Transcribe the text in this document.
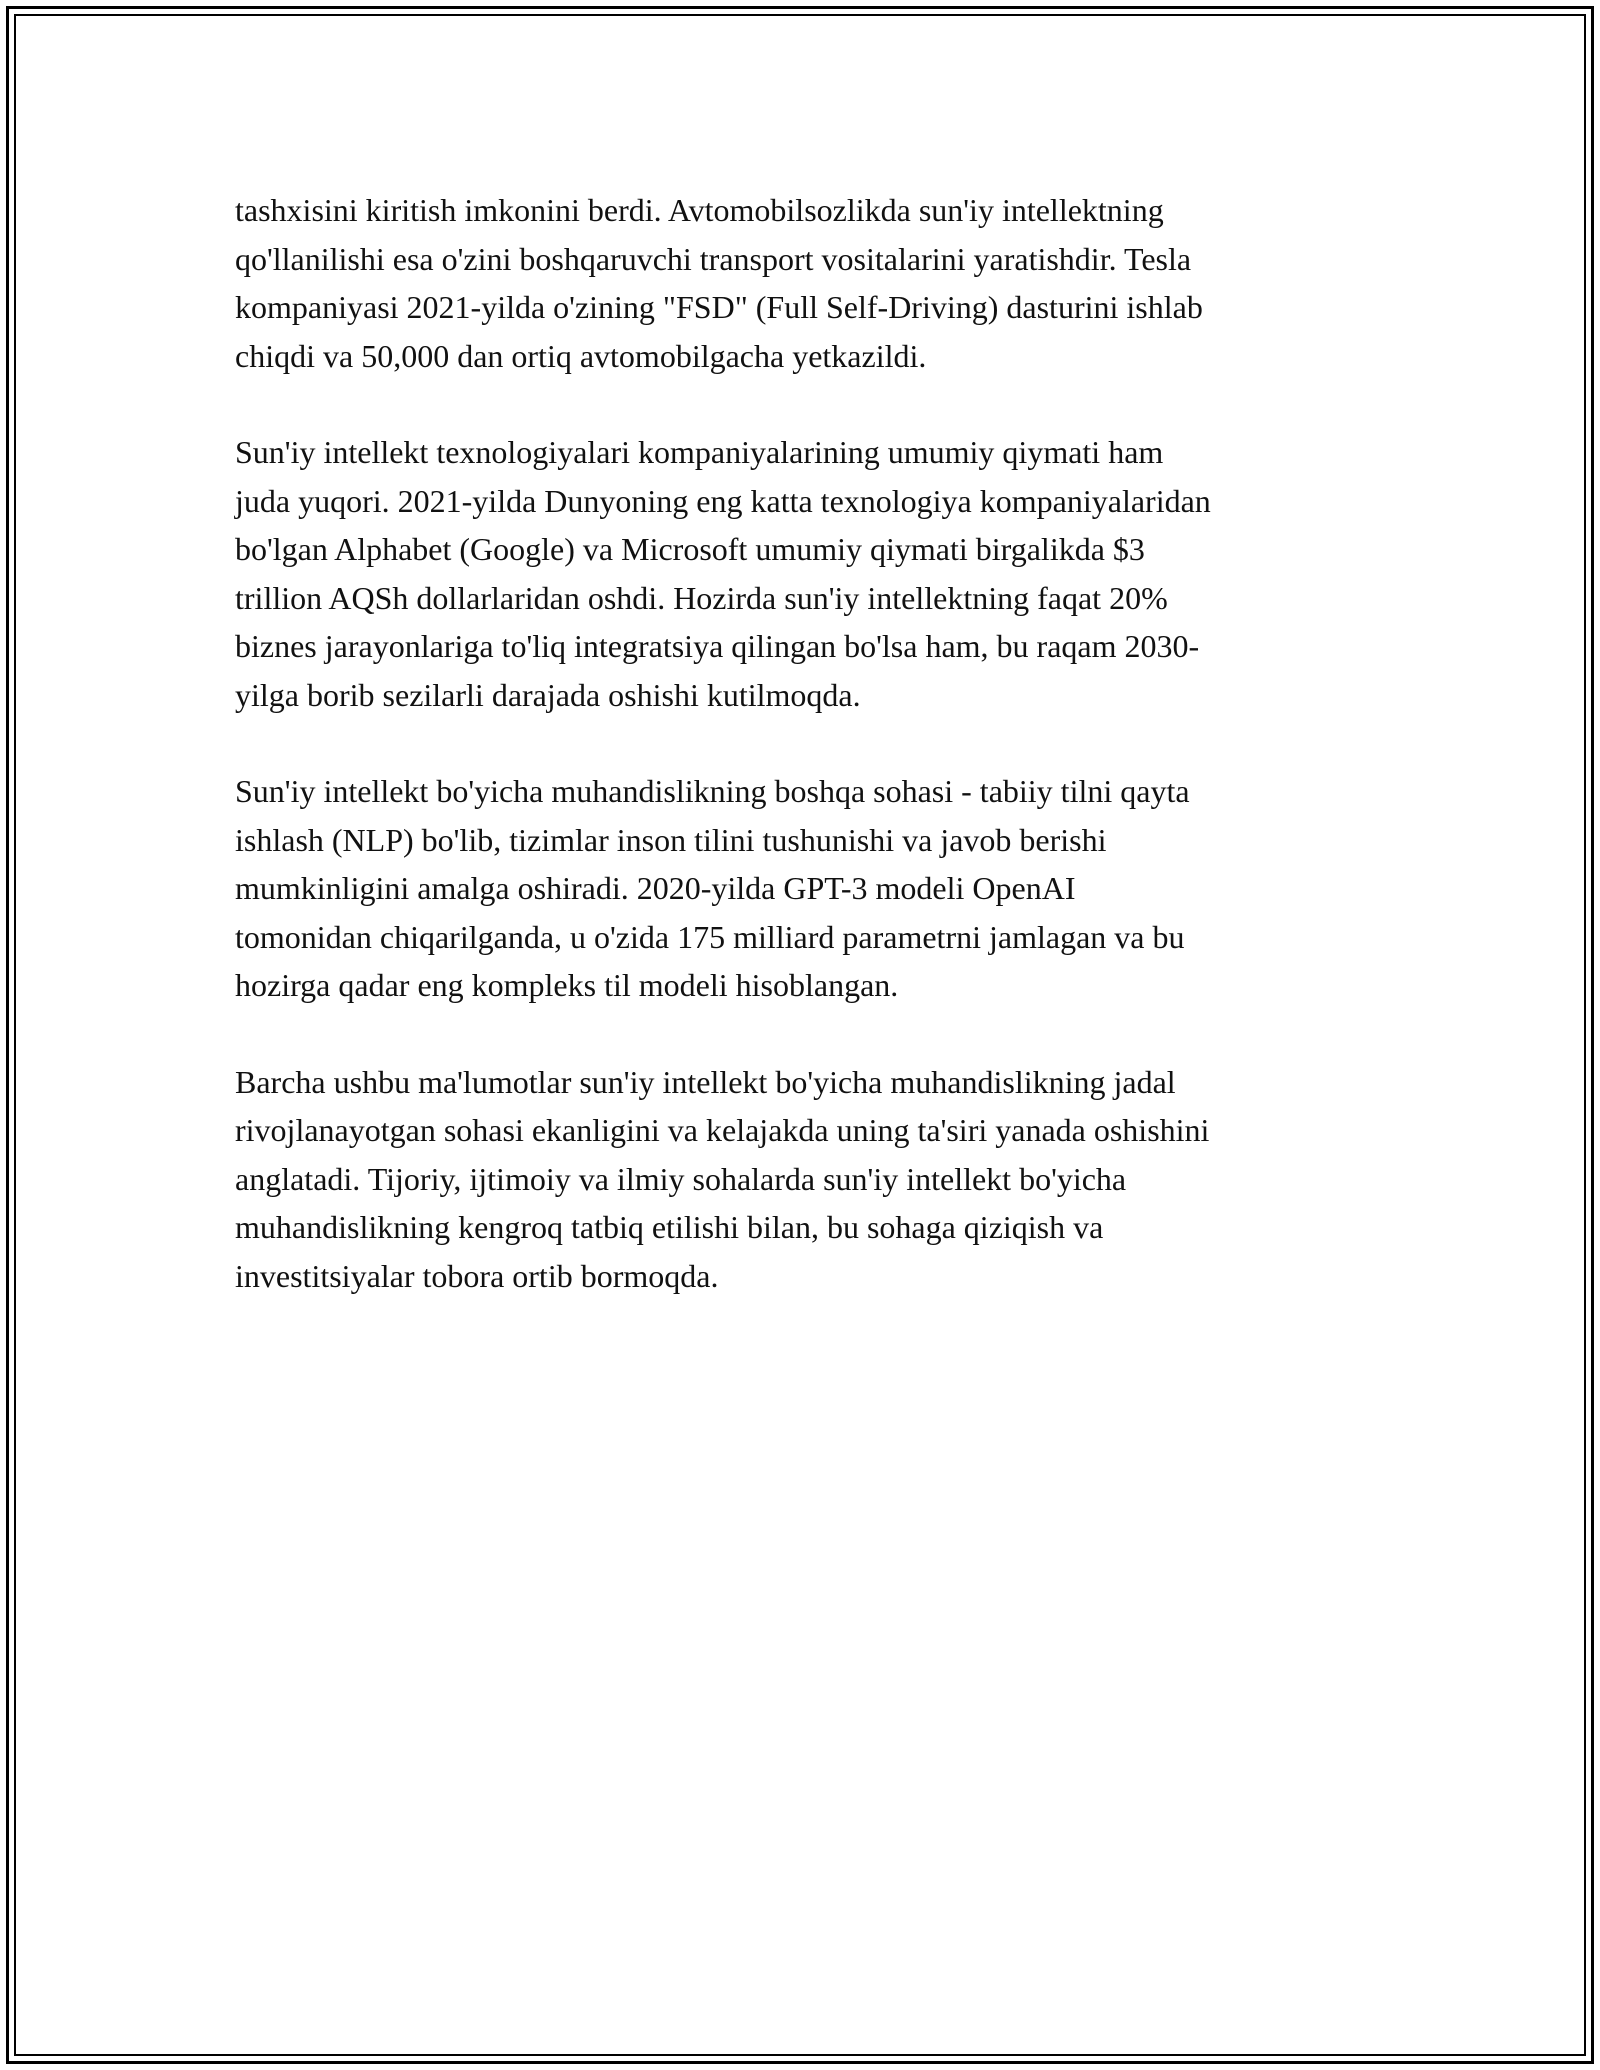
tashxisini kiritish imkonini berdi. Avtomobilsozlikda sun'iy intellektning
qo'llanilishi esa o'zini boshqaruvchi transport vositalarini yaratishdir. Tesla
kompaniyasi 2021-yilda o'zining "FSD" (Full Self-Driving) dasturini ishlab
chiqdi va 50,000 dan ortiq avtomobilgacha yetkazildi.

Sun'iy intellekt texnologiyalari kompaniyalarining umumiy qiymati ham
juda yuqori. 2021-yilda Dunyoning eng katta texnologiya kompaniyalaridan
bo'lgan Alphabet (Google) va Microsoft umumiy qiymati birgalikda $3
trillion AQSh dollarlaridan oshdi. Hozirda sun'iy intellektning faqat 20%
biznes jarayonlariga to'liq integratsiya qilingan bo'lsa ham, bu raqam 2030-
yilga borib sezilarli darajada oshishi kutilmoqda.

Sun'iy intellekt bo'yicha muhandislikning boshqa sohasi - tabiiy tilni qayta
ishlash (NLP) bo'lib, tizimlar inson tilini tushunishi va javob berishi
mumkinligini amalga oshiradi. 2020-yilda GPT-3 modeli OpenAI
tomonidan chiqarilganda, u o'zida 175 milliard parametrni jamlagan va bu
hozirga qadar eng kompleks til modeli hisoblangan.

Barcha ushbu ma'lumotlar sun'iy intellekt bo'yicha muhandislikning jadal
rivojlanayotgan sohasi ekanligini va kelajakda uning ta'siri yanada oshishini
anglatadi. Tijoriy, ijtimoiy va ilmiy sohalarda sun'iy intellekt bo'yicha
muhandislikning kengroq tatbiq etilishi bilan, bu sohaga qiziqish va
investitsiyalar tobora ortib bormoqda.
